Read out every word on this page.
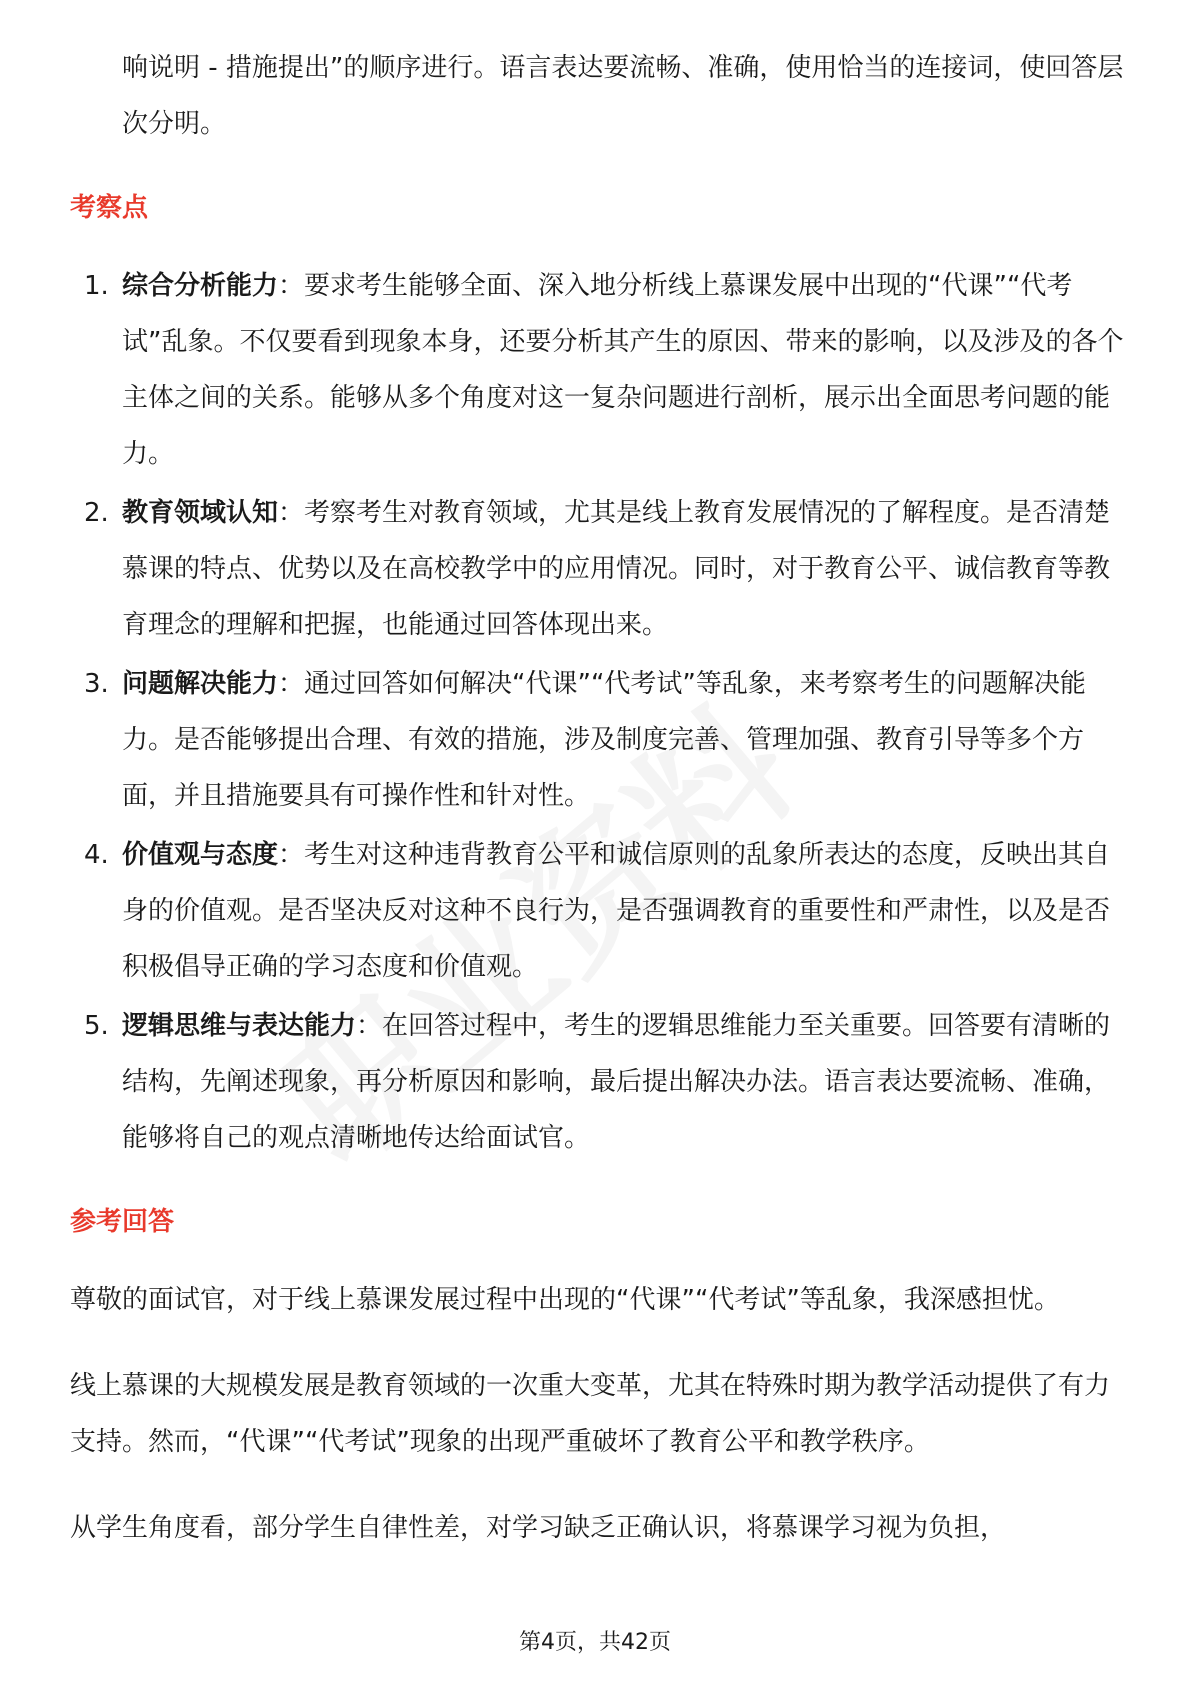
响说明 - 措施提出”的顺序进行。语言表达要流畅、准确，使用恰当的连接词，使回答层次分明。

考察点
1. 综合分析能力：要求考生能够全面、深入地分析线上慕课发展中出现的“代课”“代考试”乱象。不仅要看到现象本身，还要分析其产生的原因、带来的影响，以及涉及的各个主体之间的关系。能够从多个角度对这一复杂问题进行剖析，展示出全面思考问题的能力。
2. 教育领域认知：考察考生对教育领域，尤其是线上教育发展情况的了解程度。是否清楚慕课的特点、优势以及在高校教学中的应用情况。同时，对于教育公平、诚信教育等教育理念的理解和把握，也能通过回答体现出来。
3. 问题解决能力：通过回答如何解决“代课”“代考试”等乱象，来考察考生的问题解决能力。是否能够提出合理、有效的措施，涉及制度完善、管理加强、教育引导等多个方面，并且措施要具有可操作性和针对性。
4. 价值观与态度：考生对这种违背教育公平和诚信原则的乱象所表达的态度，反映出其自身的价值观。是否坚决反对这种不良行为，是否强调教育的重要性和严肃性，以及是否积极倡导正确的学习态度和价值观。
5. 逻辑思维与表达能力：在回答过程中，考生的逻辑思维能力至关重要。回答要有清晰的结构，先阐述现象，再分析原因和影响，最后提出解决办法。语言表达要流畅、准确，能够将自己的观点清晰地传达给面试官。
参考回答

尊敬的面试官，对于线上慕课发展过程中出现的“代课”“代考试”等乱象，我深感担忧。

线上慕课的大规模发展是教育领域的一次重大变革，尤其在特殊时期为教学活动提供了有力支持。然而，“代课”“代考试”现象的出现严重破坏了教育公平和教学秩序。

从学生角度看，部分学生自律性差，对学习缺乏正确认识，将慕课学习视为负担，

第4页，共42页
